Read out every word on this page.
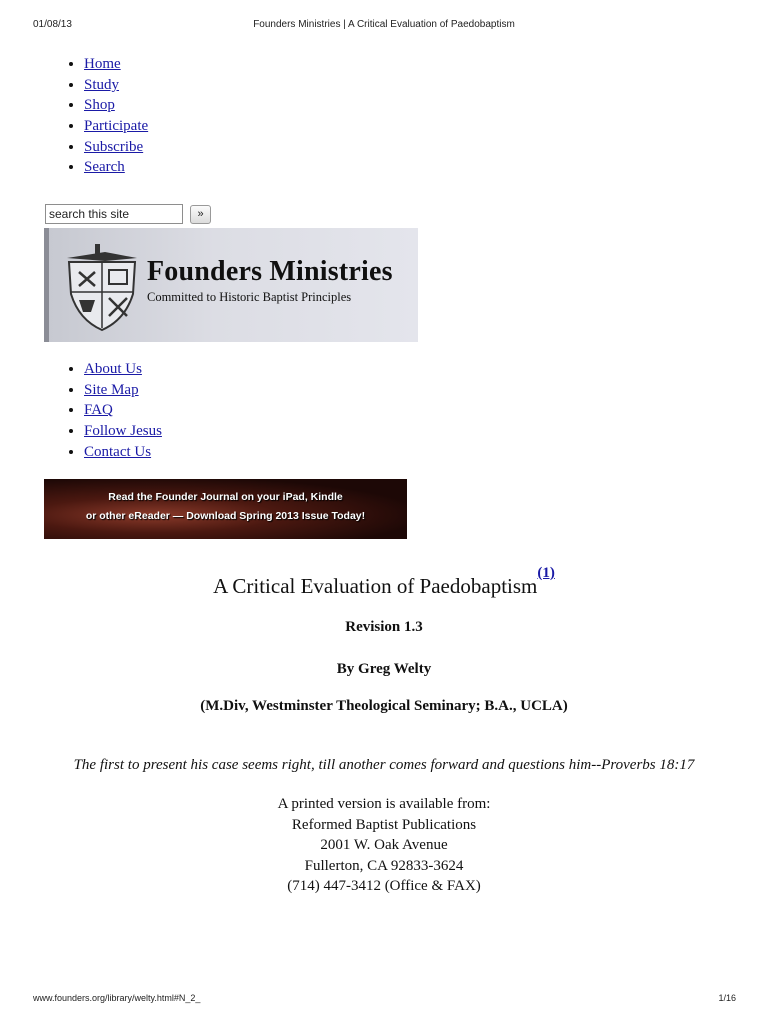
01/08/13	Founders Ministries | A Critical Evaluation of Paedobaptism
• Home
• Study
• Shop
• Participate
• Subscribe
• Search
search this site
»
Founders Ministries
Committed to Historic Baptist Principles
• About Us
• Site Map
• FAQ
• Follow Jesus
• Contact Us
Read the Founder Journal on your iPad, Kindle
or other eReader — Download Spring 2013 Issue Today!
A Critical Evaluation of Paedobaptism$^{(1)}$
Revision 1.3
By Greg Welty
(M.Div, Westminster Theological Seminary; B.A., UCLA)
The first to present his case seems right, till another comes forward and questions him--Proverbs 18:17
A printed version is available from:
Reformed Baptist Publications
2001 W. Oak Avenue
Fullerton, CA 92833-3624
(714) 447-3412 (Office & FAX)
www.founders.org/library/welty.html#N_2_	1/16
